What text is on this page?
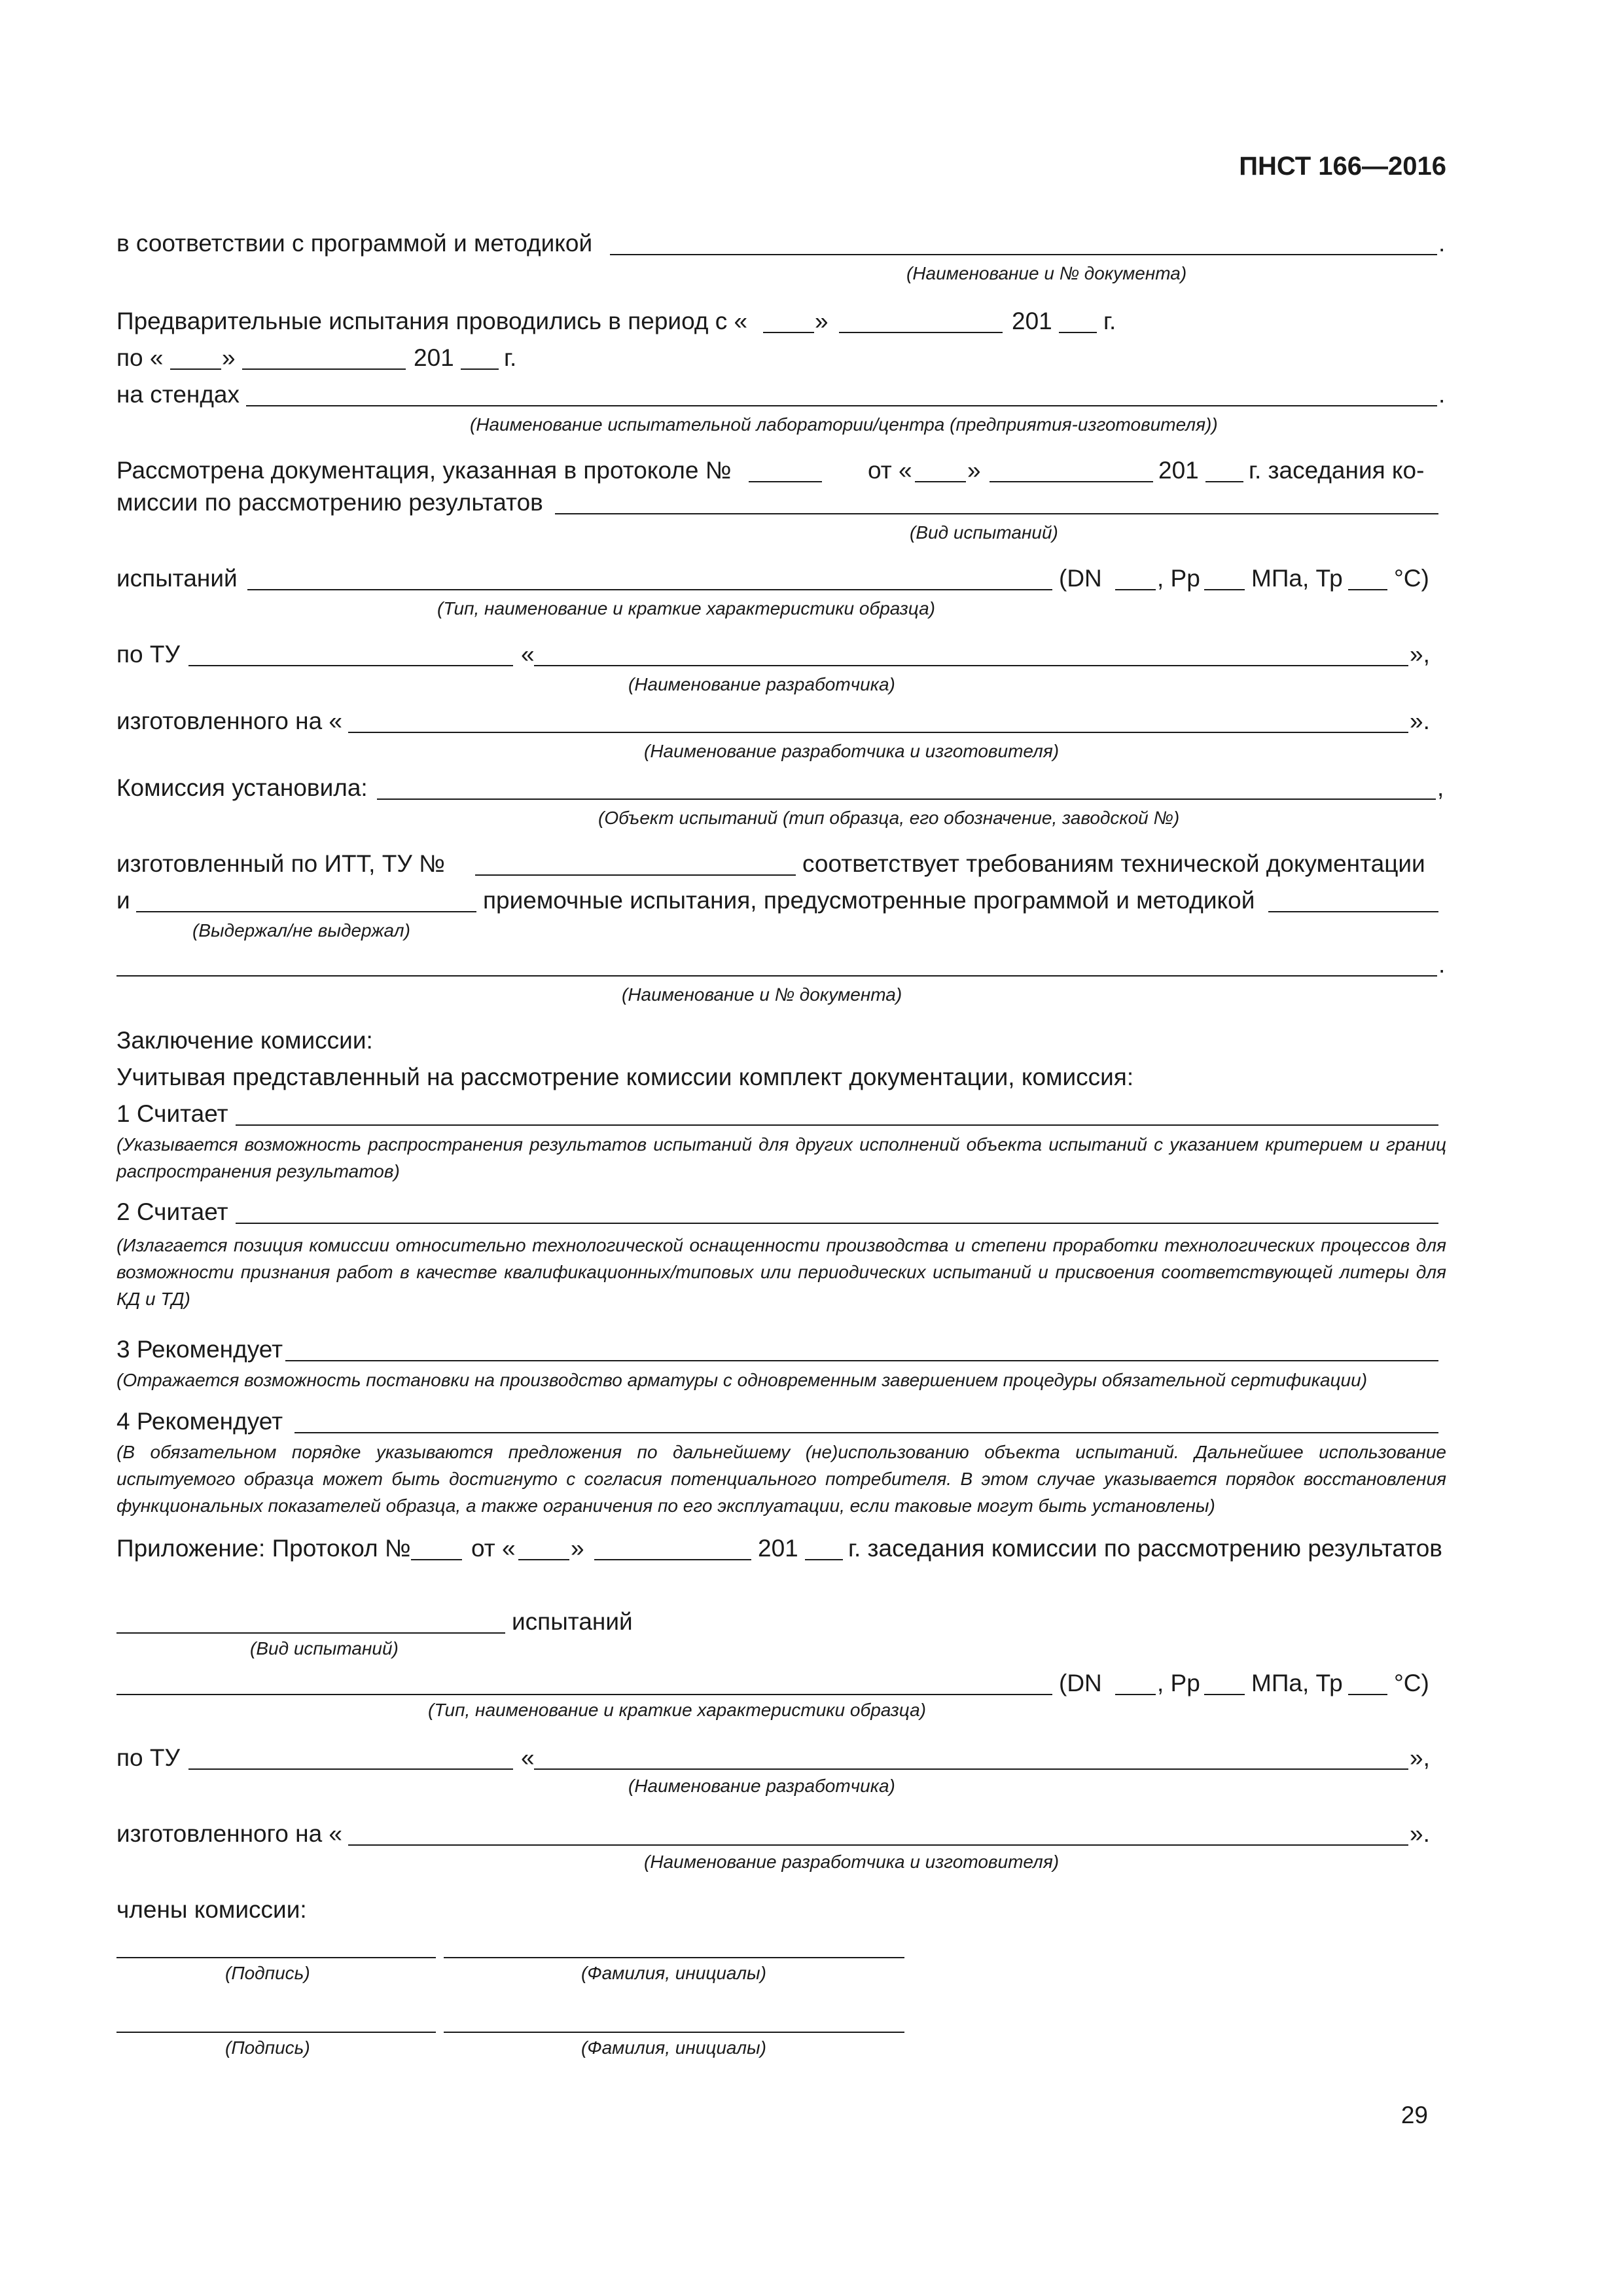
ПНСТ 166—2016
в соответствии с программой и методикой	.
(Наименование и № документа)
Предварительные испытания проводились в период с «	»	201 г.
по « »	201 г.
на стендах	.
(Наименование испытательной лаборатории/центра (предприятия-изготовителя))
Рассмотрена документация, указанная в протоколе №	от « »	201 г. заседания ко-
миссии по рассмотрению результатов
(Вид испытаний)
испытаний	(DN , Pp МПа, Тр °С)
(Тип, наименование и краткие характеристики образца)
по ТУ	«	»,
(Наименование разработчика)
изготовленного на «	».
(Наименование разработчика и изготовителя)
Комиссия установила:	,
(Объект испытаний (тип образца, его обозначение, заводской №)
изготовленный по ИТТ, ТУ №	соответствует требованиям технической документации
и	приемочные испытания, предусмотренные программой и методикой
(Выдержал/не выдержал)
.
(Наименование и № документа)
Заключение комиссии:
Учитывая представленный на рассмотрение комиссии комплект документации, комиссия:
1 Считает
(Указывается возможность распространения результатов испытаний для других исполнений объекта испытаний с указанием критерием и границ распространения результатов)
2 Считает
(Излагается позиция комиссии относительно технологической оснащенности производства и степени проработки технологических процессов для возможности признания работ в качестве квалификационных/типовых или периодических испытаний и присвоения соответствующей литеры для КД и ТД)
3 Рекомендует
(Отражается возможность постановки на производство арматуры с одновременным завершением процедуры обязательной сертификации)
4 Рекомендует
(В обязательном порядке указываются предложения по дальнейшему (не)использованию объекта испытаний. Дальнейшее использование испытуемого образца может быть достигнуто с согласия потенциального потребителя. В этом случае указывается порядок восстановления функциональных показателей образца, а также ограничения по его эксплуатации, если таковые могут быть установлены)
Приложение: Протокол № от « »	201 г. заседания комиссии по рассмотрению результатов
испытаний
(Вид испытаний)
(DN , Pp МПа, Тр °С)
(Тип, наименование и краткие характеристики образца)
по ТУ	«	»,
(Наименование разработчика)
изготовленного на «	».
(Наименование разработчика и изготовителя)
члены комиссии:
(Подпись)	(Фамилия, инициалы)
(Подпись)	(Фамилия, инициалы)
29
